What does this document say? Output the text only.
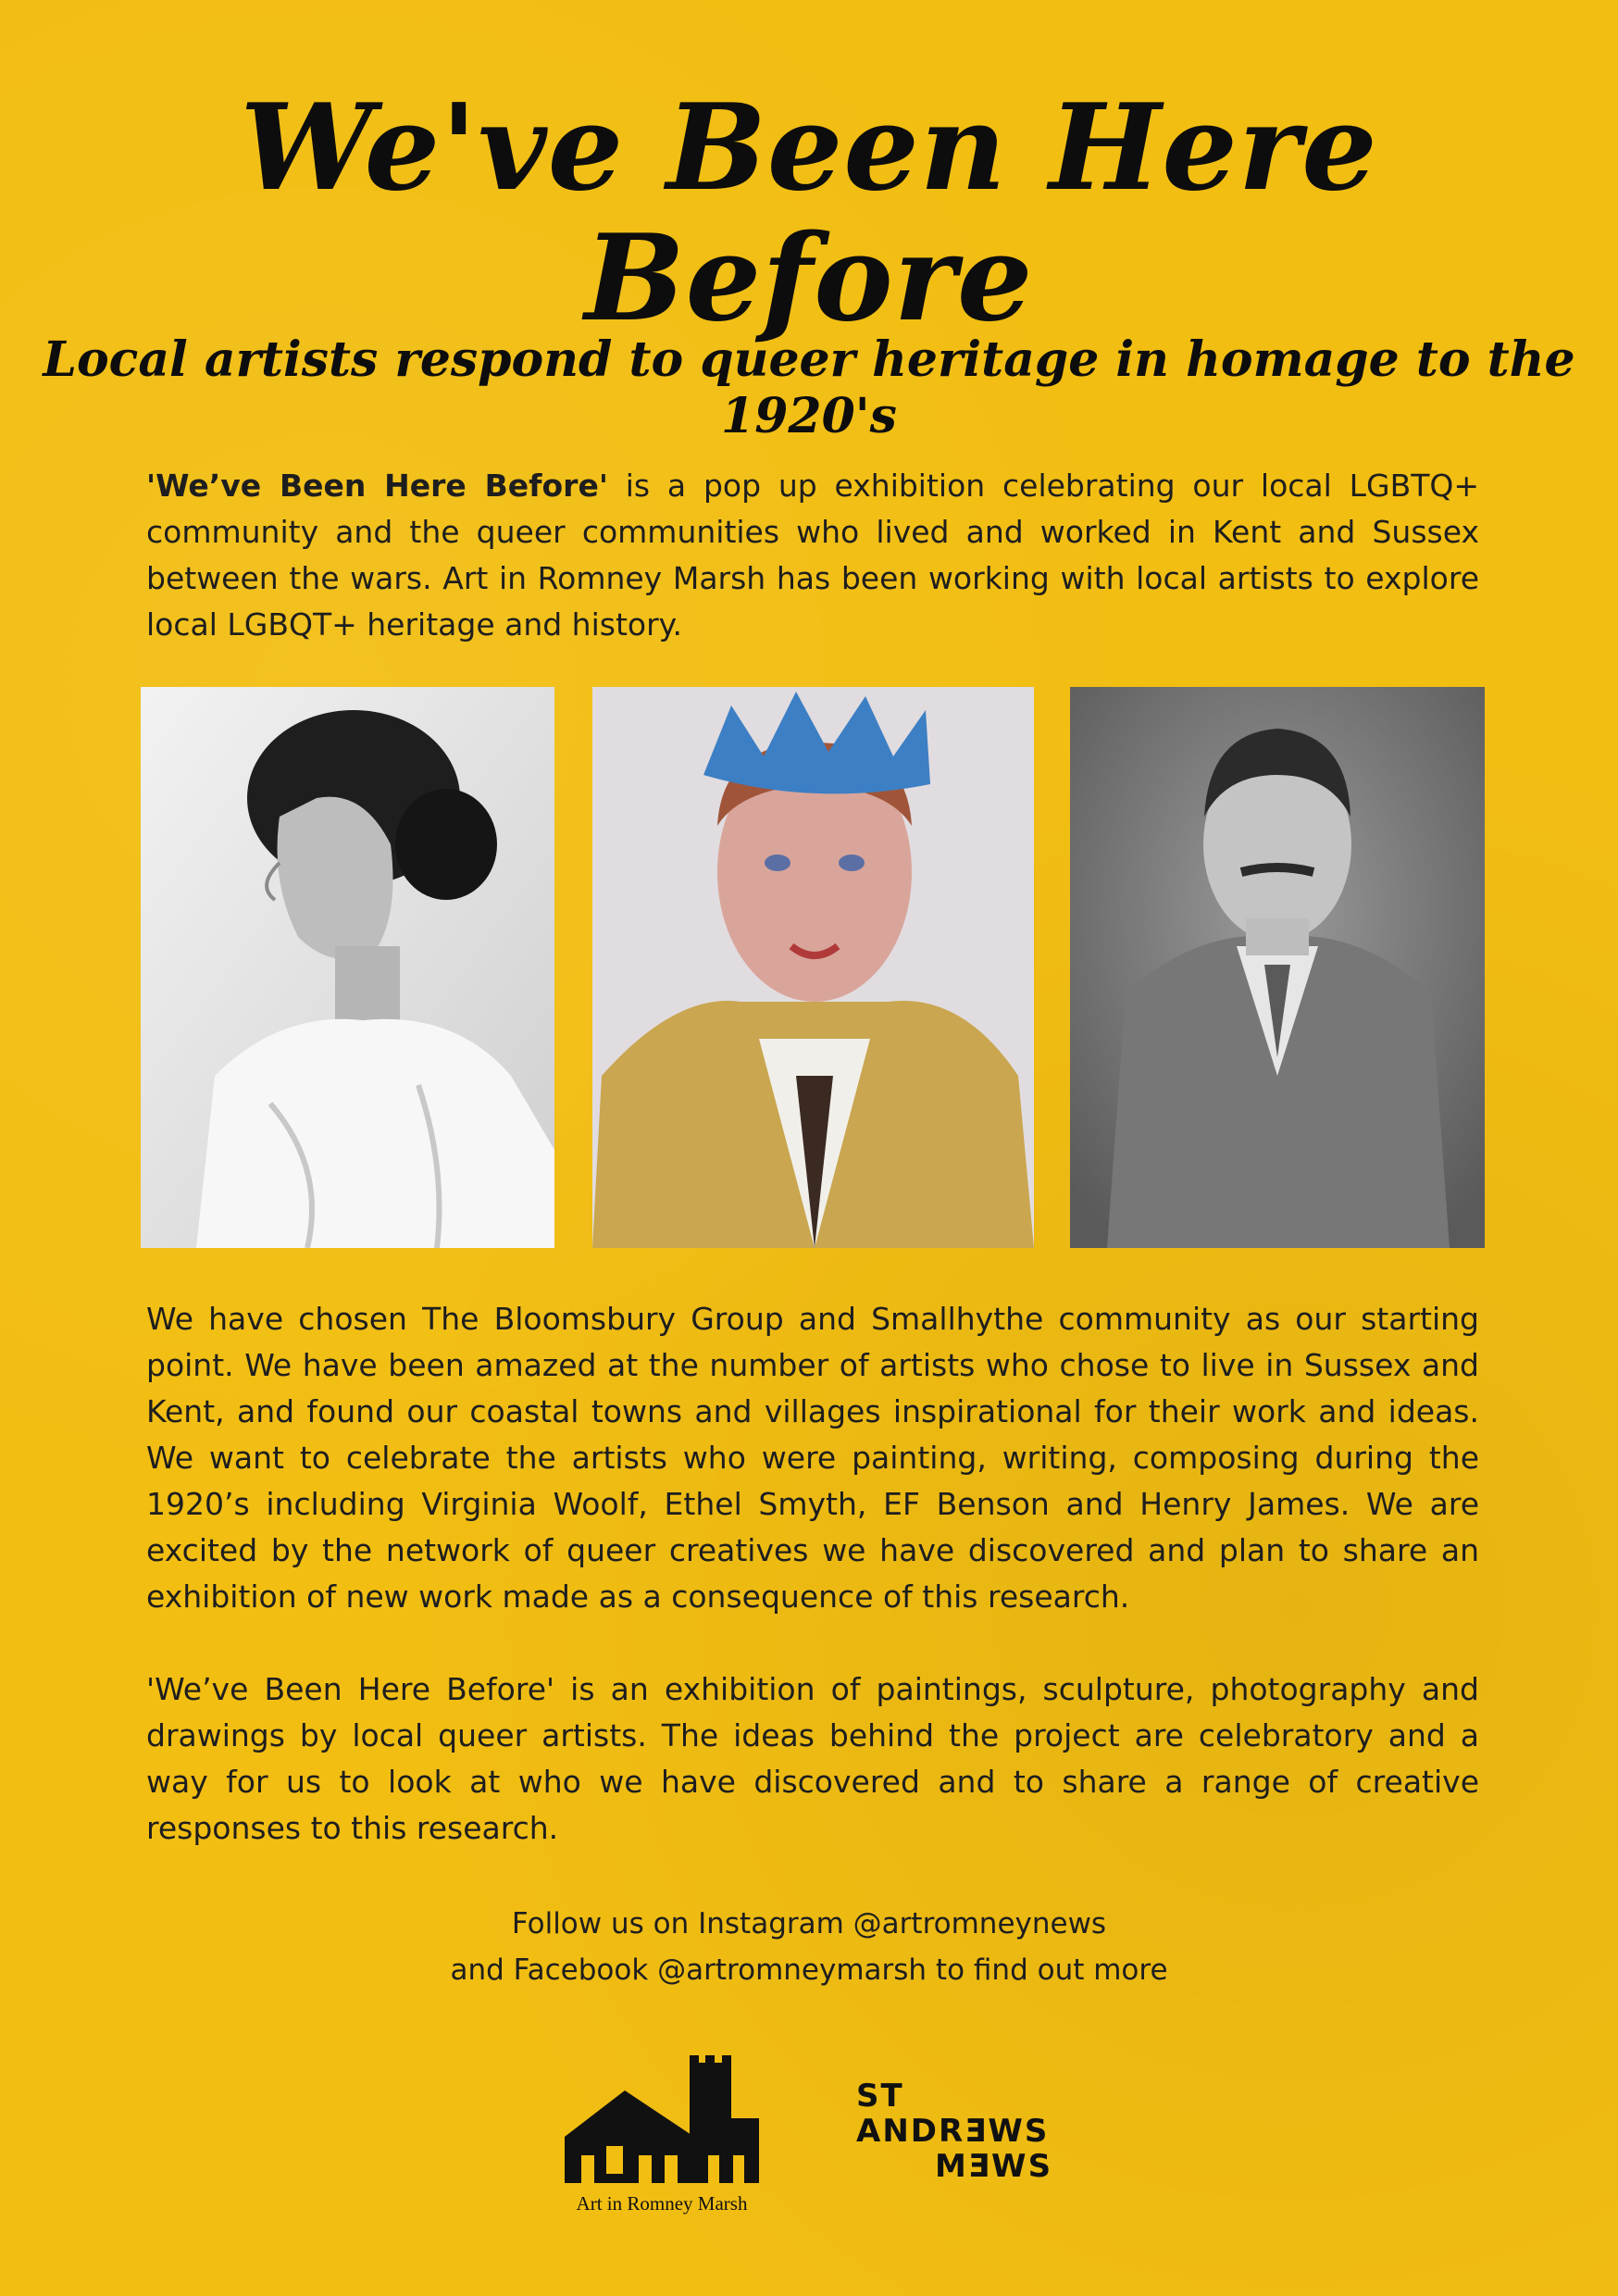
We've Been Here Before
Local artists respond to queer heritage in homage to the 1920's

'We’ve Been Here Before' is a pop up exhibition celebrating our local LGBTQ+ community and the queer communities who lived and worked in Kent and Sussex between the wars. Art in Romney Marsh has been working with local artists to explore local LGBQT+ heritage and history.

We have chosen The Bloomsbury Group and Smallhythe community as our starting point. We have been amazed at the number of artists who chose to live in Sussex and Kent, and found our coastal towns and villages inspirational for their work and ideas. We want to celebrate the artists who were painting, writing, composing during the 1920’s including Virginia Woolf, Ethel Smyth, EF Benson and Henry James. We are excited by the network of queer creatives we have discovered and plan to share an exhibition of new work made as a consequence of this research.

'We’ve Been Here Before' is an exhibition of paintings, sculpture, photography and drawings by local queer artists. The ideas behind the project are celebratory and a way for us to look at who we have discovered and to share a range of creative responses to this research.

Follow us on Instagram @artromneynews
and Facebook @artromneymarsh to find out more
Art in Romney Marsh
ST
ANDRƎWS
MƎWS
